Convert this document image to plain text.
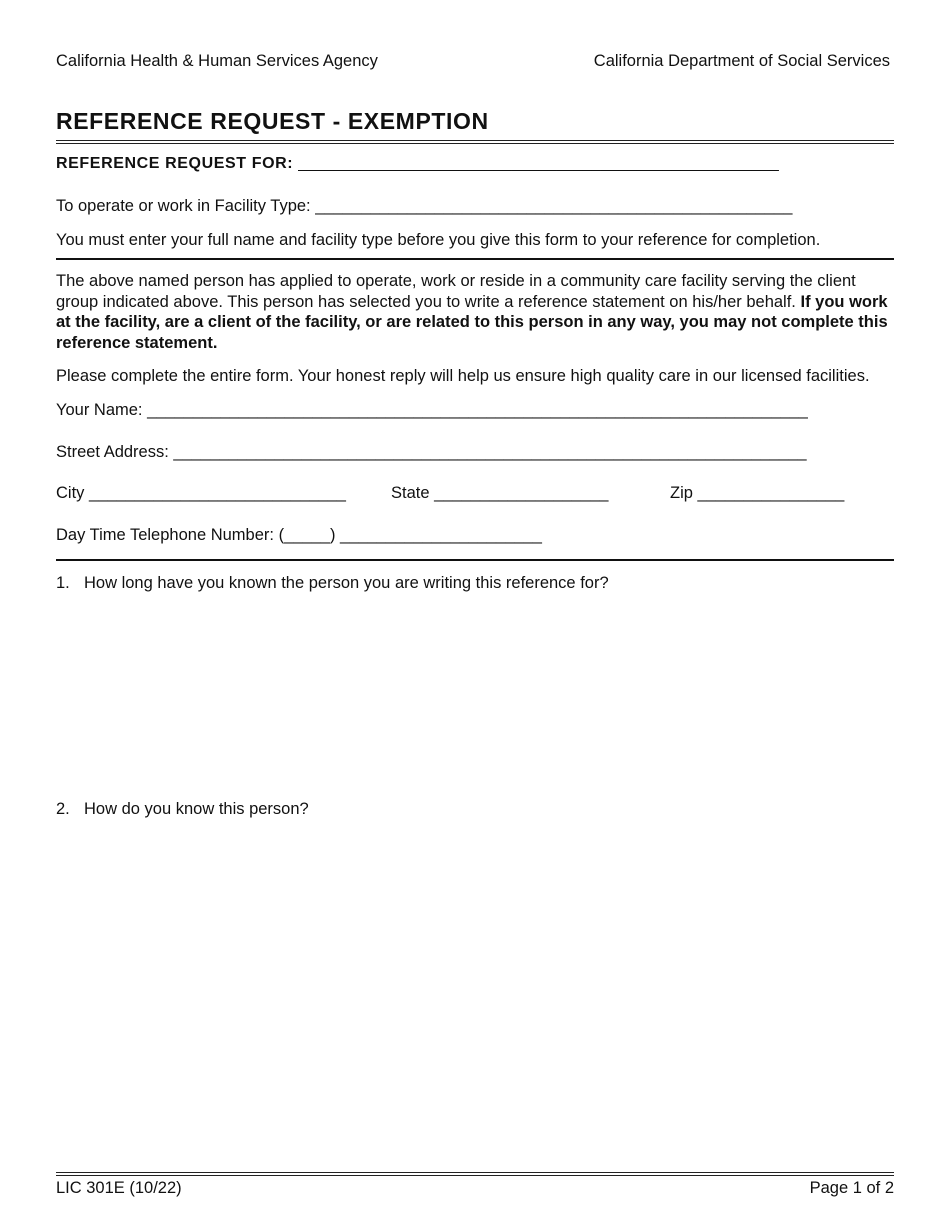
California Health & Human Services Agency	California Department of Social Services
REFERENCE REQUEST - EXEMPTION
REFERENCE REQUEST FOR: ______________________________________________________
To operate or work in Facility Type: ____________________________________________________
You must enter your full name and facility type before you give this form to your reference for completion.
The above named person has applied to operate, work or reside in a community care facility serving the client group indicated above. This person has selected you to write a reference statement on his/her behalf. If you work at the facility, are a client of the facility, or are related to this person in any way, you may not complete this reference statement.
Please complete the entire form. Your honest reply will help us ensure high quality care in our licensed facilities.
Your Name: ________________________________________________________________________
Street Address: _____________________________________________________________________
City ____________________________	State ___________________	Zip ________________
Day Time Telephone Number: (_____) ______________________
1. How long have you known the person you are writing this reference for?
2. How do you know this person?
LIC 301E (10/22)	Page 1 of 2
